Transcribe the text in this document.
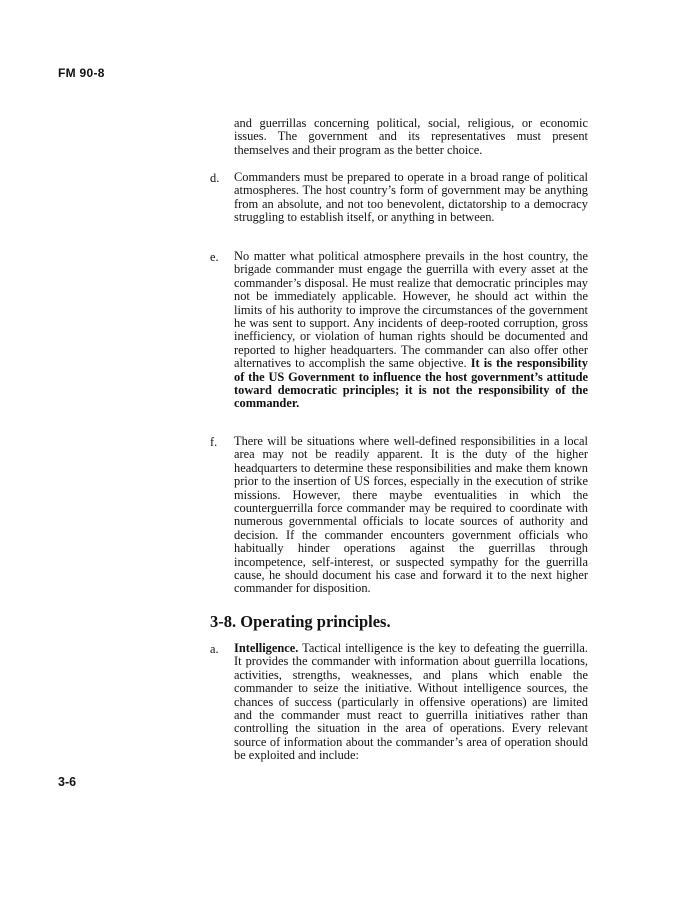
FM 90-8
and guerrillas concerning political, social, religious, or economic issues. The government and its representatives must present themselves and their program as the better choice.
d. Commanders must be prepared to operate in a broad range of political atmospheres. The host country’s form of government may be anything from an absolute, and not too benevolent, dictatorship to a democracy struggling to establish itself, or anything in between.
e. No matter what political atmosphere prevails in the host country, the brigade commander must engage the guerrilla with every asset at the commander’s disposal. He must realize that democratic principles may not be immediately applicable. However, he should act within the limits of his authority to improve the circumstances of the government he was sent to support. Any incidents of deep-rooted corruption, gross inefficiency, or violation of human rights should be documented and reported to higher headquarters. The commander can also offer other alternatives to accomplish the same objective. It is the responsibility of the US Government to influence the host government’s attitude toward democratic principles; it is not the responsibility of the commander.
f. There will be situations where well-defined responsibilities in a local area may not be readily apparent. It is the duty of the higher headquarters to determine these responsibilities and make them known prior to the insertion of US forces, especially in the execution of strike missions. However, there maybe eventualities in which the counterguerrilla force commander may be required to coordinate with numerous governmental officials to locate sources of authority and decision. If the commander encounters government officials who habitually hinder operations against the guerrillas through incompetence, self-interest, or suspected sympathy for the guerrilla cause, he should document his case and forward it to the next higher commander for disposition.
3-8. Operating principles.
a. Intelligence. Tactical intelligence is the key to defeating the guerrilla. It provides the commander with information about guerrilla locations, activities, strengths, weaknesses, and plans which enable the commander to seize the initiative. Without intelligence sources, the chances of success (particularly in offensive operations) are limited and the commander must react to guerrilla initiatives rather than controlling the situation in the area of operations. Every relevant source of information about the commander’s area of operation should be exploited and include:
3-6
